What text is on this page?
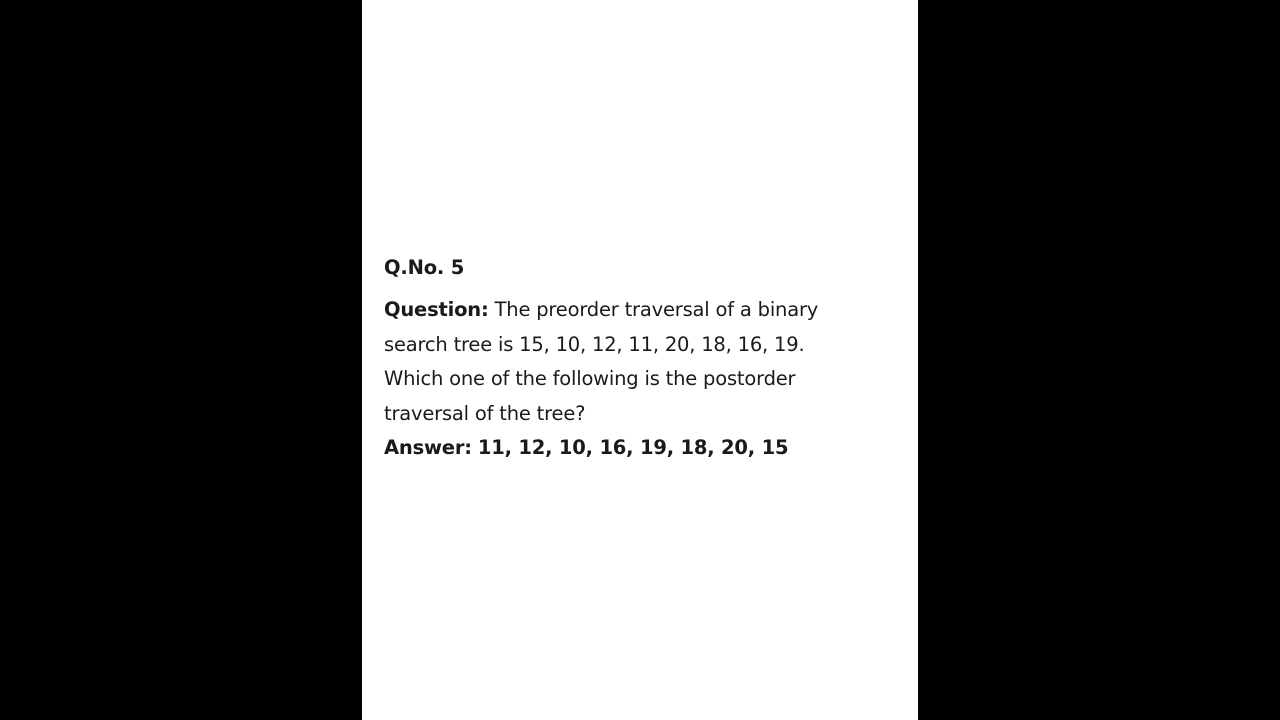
Q.No. 5

Question: The preorder traversal of a binary search tree is 15, 10, 12, 11, 20, 18, 16, 19. Which one of the following is the postorder traversal of the tree?

Answer: 11, 12, 10, 16, 19, 18, 20, 15
